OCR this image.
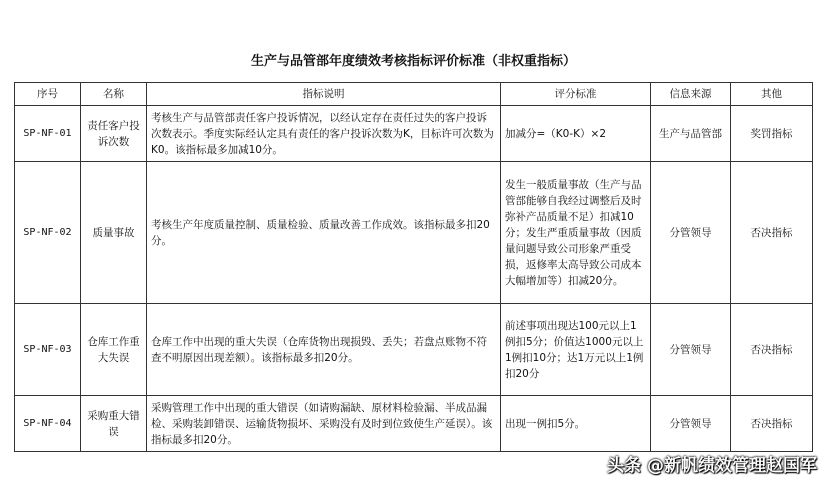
生产与品管部年度绩效考核指标评价标准（非权重指标）
序号	名称	指标说明	评分标准	信息来源	其他
SP-NF-01	责任客户投诉次数	考核生产与品管部责任客户投诉情况，以经认定存在责任过失的客户投诉次数表示。季度实际经认定具有责任的客户投诉次数为K，目标许可次数为K0。该指标最多加减10分。	加减分=（K0-K）×2	生产与品管部	奖罚指标
SP-NF-02	质量事故	考核生产年度质量控制、质量检验、质量改善工作成效。该指标最多扣20分。	发生一般质量事故（生产与品管部能够自我经过调整后及时弥补产品质量不足）扣减10分；发生严重质量事故（因质量问题导致公司形象严重受损，返修率太高导致公司成本大幅增加等）扣减20分。	分管领导	否决指标
SP-NF-03	仓库工作重大失误	仓库工作中出现的重大失误（仓库货物出现损毁、丢失；若盘点账物不符查不明原因出现差额）。该指标最多扣20分。	前述事项出现达100元以上1例扣5分；价值达1000元以上1例扣10分；达1万元以上1例扣20分	分管领导	否决指标
SP-NF-04	采购重大错误	采购管理工作中出现的重大错误（如请购漏缺、原材料检验漏、半成品漏检、采购装卸错误、运输货物损坏、采购没有及时到位致使生产延误）。该指标最多扣20分。	出现一例扣5分。	分管领导	否决指标
头条 @新帆绩效管理赵国军
